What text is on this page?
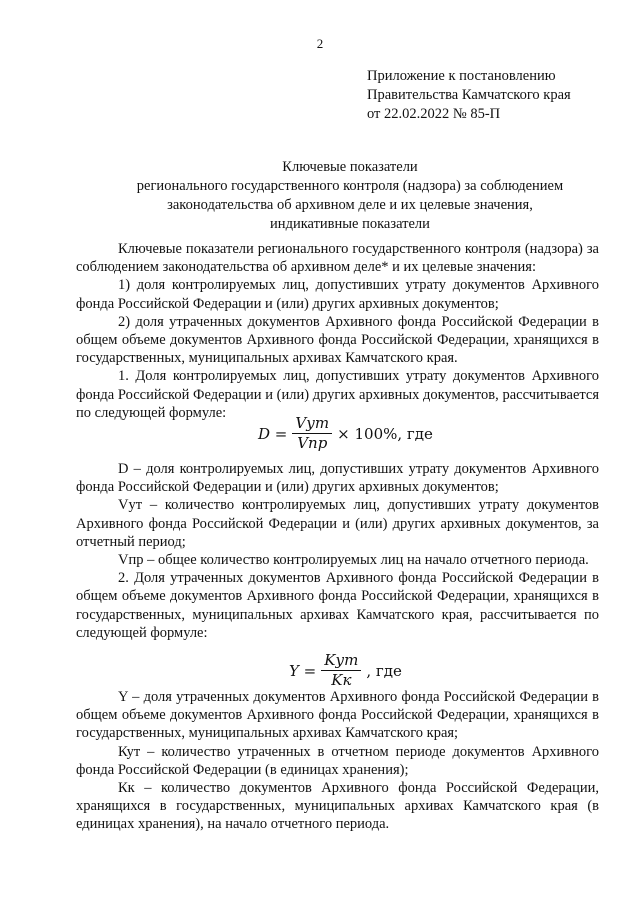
2
Приложение к постановлению
Правительства Камчатского края
от 22.02.2022 № 85-П
Ключевые показатели
регионального государственного контроля (надзора) за соблюдением
законодательства об архивном деле и их целевые значения,
индикативные показатели

Ключевые показатели регионального государственного контроля (надзора) за соблюдением законодательства об архивном деле* и их целевые значения:

1) доля контролируемых лиц, допустивших утрату документов Архивного фонда Российской Федерации и (или) других архивных документов;

2) доля утраченных документов Архивного фонда Российской Федерации в общем объеме документов Архивного фонда Российской Федерации, хранящихся в государственных, муниципальных архивах Камчатского края.

1. Доля контролируемых лиц, допустивших утрату документов Архивного фонда Российской Федерации и (или) других архивных документов, рассчитывается по следующей формуле:

$D = \frac{\text{Vут}}{\text{Vпр}} \times 100\%$, где

D – доля контролируемых лиц, допустивших утрату документов Архивного фонда Российской Федерации и (или) других архивных документов;

Vут – количество контролируемых лиц, допустивших утрату документов Архивного фонда Российской Федерации и (или) других архивных документов, за отчетный период;

Vпр – общее количество контролируемых лиц на начало отчетного периода.

2. Доля утраченных документов Архивного фонда Российской Федерации в общем объеме документов Архивного фонда Российской Федерации, хранящихся в государственных, муниципальных архивах Камчатского края, рассчитывается по следующей формуле:

$Y = \frac{\text{Kут}}{Kк}$ , где

Y – доля утраченных документов Архивного фонда Российской Федерации в общем объеме документов Архивного фонда Российской Федерации, хранящихся в государственных, муниципальных архивах Камчатского края;

Кут – количество утраченных в отчетном периоде документов Архивного фонда Российской Федерации (в единицах хранения);

Кк – количество документов Архивного фонда Российской Федерации, хранящихся в государственных, муниципальных архивах Камчатского края (в единицах хранения), на начало отчетного периода.
